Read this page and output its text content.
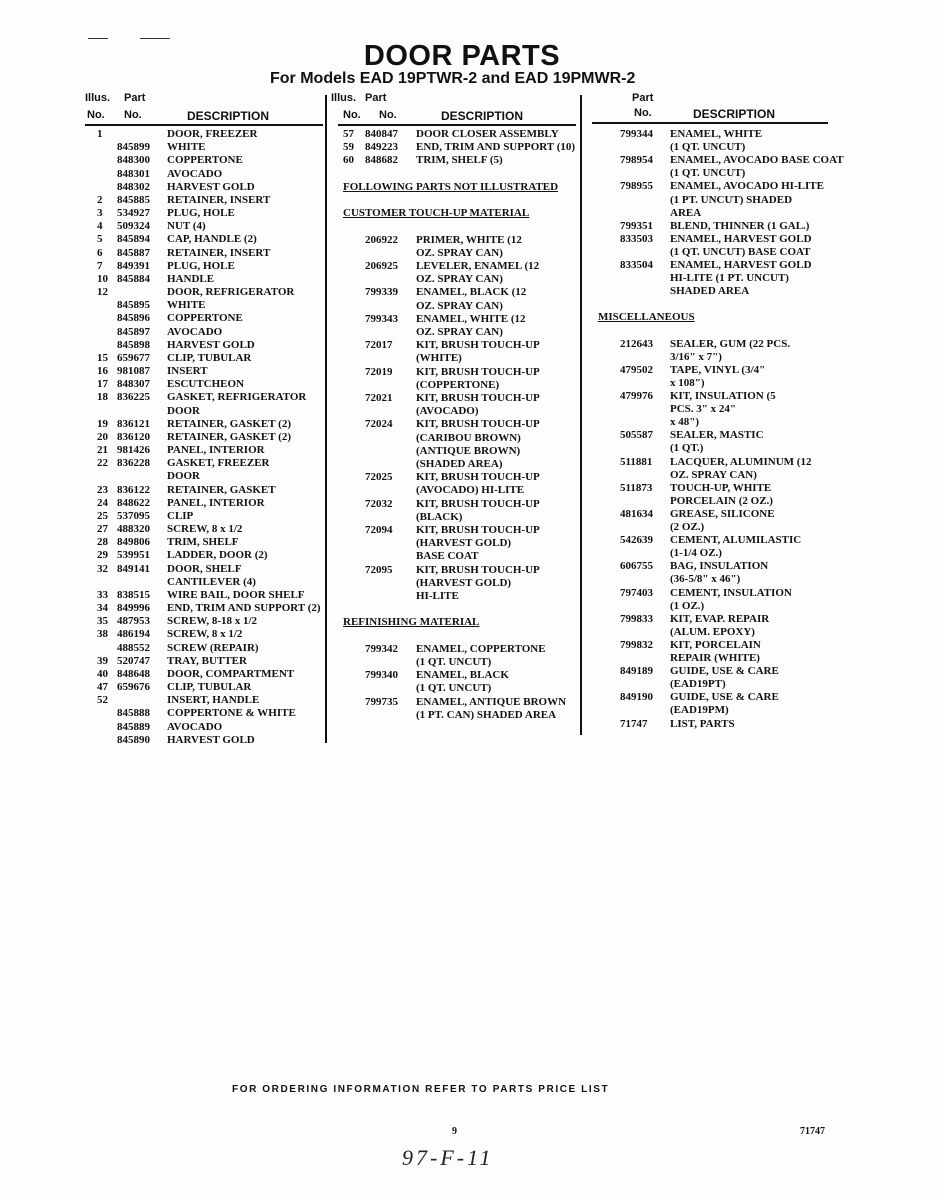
DOOR PARTS
For Models EAD 19PTWR-2 and EAD 19PMWR-2
Illus. Part
No. No.	DESCRIPTION
Illus. Part
No. No.	DESCRIPTION
Part
No.	DESCRIPTION
1	DOOR, FREEZER
845899 WHITE
848300 COPPERTONE
848301 AVOCADO
848302 HARVEST GOLD
2 845885 RETAINER, INSERT
3 534927 PLUG, HOLE
4 509324 NUT (4)
5 845894 CAP, HANDLE (2)
6 845887 RETAINER, INSERT
7 849391 PLUG, HOLE
10 845884 HANDLE
12	DOOR, REFRIGERATOR
845895 WHITE
845896 COPPERTONE
845897 AVOCADO
845898 HARVEST GOLD
15 659677 CLIP, TUBULAR
16 981087 INSERT
17 848307 ESCUTCHEON
18 836225 GASKET, REFRIGERATOR
DOOR
19 836121 RETAINER, GASKET (2)
20 836120 RETAINER, GASKET (2)
21 981426 PANEL, INTERIOR
22 836228 GASKET, FREEZER
DOOR
23 836122 RETAINER, GASKET
24 848622 PANEL, INTERIOR
25 537095 CLIP
27 488320 SCREW, 8 x 1/2
28 849806 TRIM, SHELF
29 539951 LADDER, DOOR (2)
32 849141 DOOR, SHELF
CANTILEVER (4)
33 838515 WIRE BAIL, DOOR SHELF
34 849996 END, TRIM AND SUPPORT (2)
35 487953 SCREW, 8-18 x 1/2
38 486194 SCREW, 8 x 1/2
488552 SCREW (REPAIR)
39 520747 TRAY, BUTTER
40 848648 DOOR, COMPARTMENT
47 659676 CLIP, TUBULAR
52	INSERT, HANDLE
845888 COPPERTONE & WHITE
845889 AVOCADO
845890 HARVEST GOLD
57 840847 DOOR CLOSER ASSEMBLY
59 849223 END, TRIM AND SUPPORT (10)
60 848682 TRIM, SHELF (5)
FOLLOWING PARTS NOT ILLUSTRATED
CUSTOMER TOUCH-UP MATERIAL
206922 PRIMER, WHITE (12
OZ. SPRAY CAN)
206925 LEVELER, ENAMEL (12
OZ. SPRAY CAN)
799339 ENAMEL, BLACK (12
OZ. SPRAY CAN)
799343 ENAMEL, WHITE (12
OZ. SPRAY CAN)
72017 KIT, BRUSH TOUCH-UP
(WHITE)
72019 KIT, BRUSH TOUCH-UP
(COPPERTONE)
72021 KIT, BRUSH TOUCH-UP
(AVOCADO)
72024 KIT, BRUSH TOUCH-UP
(CARIBOU BROWN)
(ANTIQUE BROWN)
(SHADED AREA)
72025 KIT, BRUSH TOUCH-UP
(AVOCADO) HI-LITE
72032 KIT, BRUSH TOUCH-UP
(BLACK)
72094 KIT, BRUSH TOUCH-UP
(HARVEST GOLD)
BASE COAT
72095 KIT, BRUSH TOUCH-UP
(HARVEST GOLD)
HI-LITE
REFINISHING MATERIAL
799342 ENAMEL, COPPERTONE
(1 QT. UNCUT)
799340 ENAMEL, BLACK
(1 QT. UNCUT)
799735 ENAMEL, ANTIQUE BROWN
(1 PT. CAN) SHADED AREA
799344 ENAMEL, WHITE
(1 QT. UNCUT)
798954 ENAMEL, AVOCADO BASE COAT
(1 QT. UNCUT)
798955 ENAMEL, AVOCADO HI-LITE
(1 PT. UNCUT) SHADED
AREA
799351 BLEND, THINNER (1 GAL.)
833503 ENAMEL, HARVEST GOLD
(1 QT. UNCUT) BASE COAT
833504 ENAMEL, HARVEST GOLD
HI-LITE (1 PT. UNCUT)
SHADED AREA
MISCELLANEOUS
212643 SEALER, GUM (22 PCS.
3/16" x 7")
479502 TAPE, VINYL (3/4"
x 108")
479976 KIT, INSULATION (5
PCS. 3" x 24"
x 48")
505587 SEALER, MASTIC
(1 QT.)
511881 LACQUER, ALUMINUM (12
OZ. SPRAY CAN)
511873 TOUCH-UP, WHITE
PORCELAIN (2 OZ.)
481634 GREASE, SILICONE
(2 OZ.)
542639 CEMENT, ALUMILASTIC
(1-1/4 OZ.)
606755 BAG, INSULATION
(36-5/8" x 46")
797403 CEMENT, INSULATION
(1 OZ.)
799833 KIT, EVAP. REPAIR
(ALUM. EPOXY)
799832 KIT, PORCELAIN
REPAIR (WHITE)
849189 GUIDE, USE & CARE
(EAD19PT)
849190 GUIDE, USE & CARE
(EAD19PM)
71747 LIST, PARTS
FOR ORDERING INFORMATION REFER TO PARTS PRICE LIST
9	71747
97-F-11
